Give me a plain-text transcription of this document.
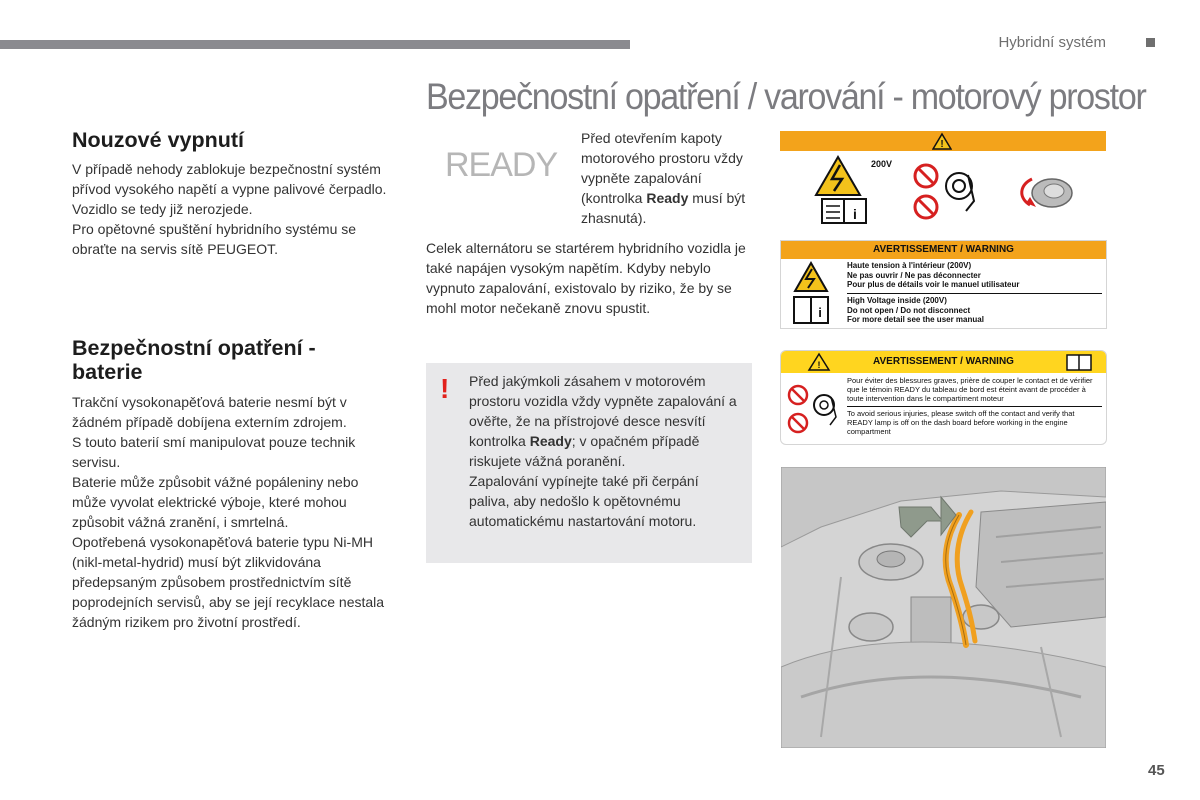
Hybridní systém
Bezpečnostní opatření / varování - motorový prostor
Nouzové vypnutí

V případě nehody zablokuje bezpečnostní systém přívod vysokého napětí a vypne palivové čerpadlo. Vozidlo se tedy již nerozjede.

Pro opětovné spuštění hybridního systému se obraťte na servis sítě PEUGEOT.

Bezpečnostní opatření - baterie

Trakční vysokonapěťová baterie nesmí být v žádném případě dobíjena externím zdrojem.

S touto baterií smí manipulovat pouze technik servisu.

Baterie může způsobit vážné popáleniny nebo může vyvolat elektrické výboje, které mohou způsobit vážná zranění, i smrtelná.

Opotřebená vysokonapěťová baterie typu Ni-MH (nikl-metal-hydrid) musí být zlikvidována předepsaným způsobem prostřednictvím sítě poprodejních servisů, aby se její recyklace nestala žádným rizikem pro životní prostředí.

READY
Před otevřením kapoty motorového prostoru vždy vypněte zapalování (kontrolka Ready musí být zhasnutá).
Celek alternátoru se startérem hybridního vozidla je také napájen vysokým napětím. Kdyby nebylo vypnuto zapalování, existovalo by riziko, že by se mohl motor nečekaně znovu spustit.
! Před jakýmkoli zásahem v motorovém prostoru vozidla vždy vypněte zapalování a ověřte, že na přístrojové desce nesvítí kontrolka Ready; v opačném případě riskujete vážná poranění.

Zapalování vypínejte také při čerpání paliva, aby nedošlo k opětovnému automatickému nastartování motoru.

!
200V
i
AVERTISSEMENT / WARNING
i
Haute tension à l'intérieur (200V)
Ne pas ouvrir / Ne pas déconnecter
Pour plus de détails voir le manuel utilisateur
High Voltage inside (200V)
Do not open / Do not disconnect
For more detail see the user manual
AVERTISSEMENT / WARNING
!
Pour éviter des blessures graves, prière de couper le contact et de vérifier que le témoin READY du tableau de bord est éteint avant de procéder à toute intervention dans le compartiment moteur
To avoid serious injuries, please switch off the contact and verify that READY lamp is off on the dash board before working in the engine compartment
45
